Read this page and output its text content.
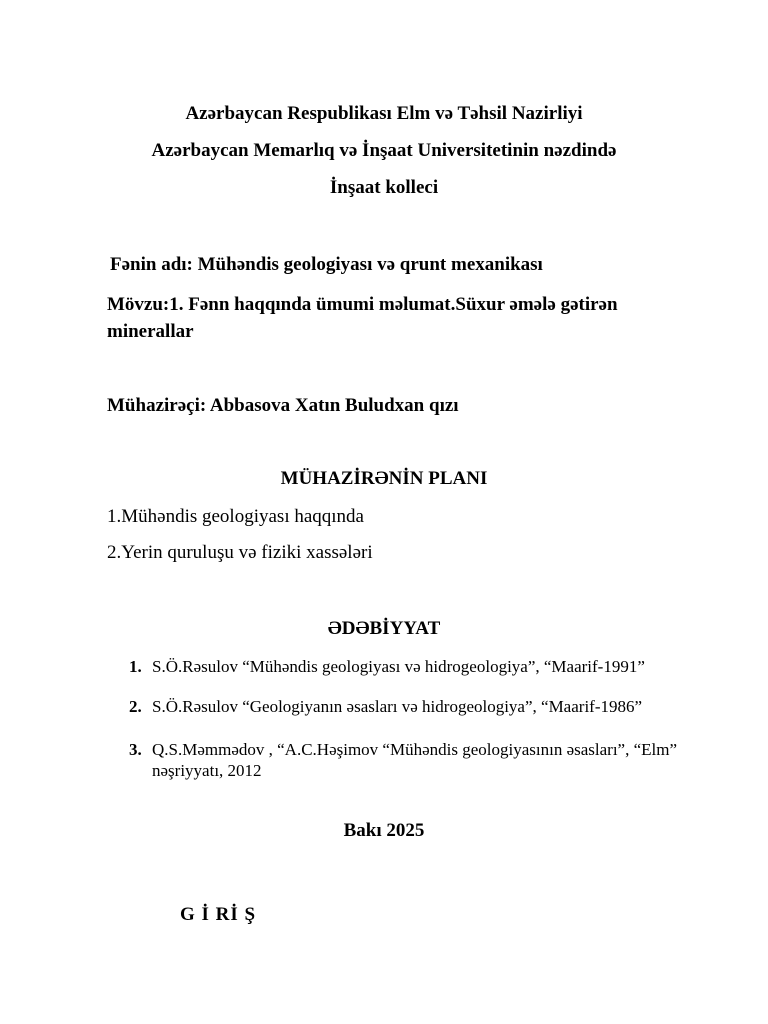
Azərbaycan Respublikası Elm və Təhsil Nazirliyi
Azərbaycan Memarlıq və İnşaat Universitetinin nəzdində
İnşaat kolleci
Fənin adı: Mühəndis geologiyası və qrunt mexanikası
Mövzu:1. Fənn haqqında ümumi məlumat.Süxur əmələ gətirən
minerallar
Mühazirəçi: Abbasova Xatın Buludxan qızı
MÜHAZİRƏNİN PLANI
1.Mühəndis geologiyası haqqında
2.Yerin quruluşu və fiziki xassələri
ƏDƏBİYYAT
1. S.Ö.Rəsulov “Mühəndis geologiyası və hidrogeologiya”, “Maarif-1991”
2. S.Ö.Rəsulov “Geologiyanın əsasları və hidrogeologiya”, “Maarif-1986”
3. Q.S.Məmmədov , “A.C.Həşimov “Mühəndis geologiyasının əsasları”, “Elm” nəşriyyatı, 2012
Bakı 2025
G İ Rİ Ş
